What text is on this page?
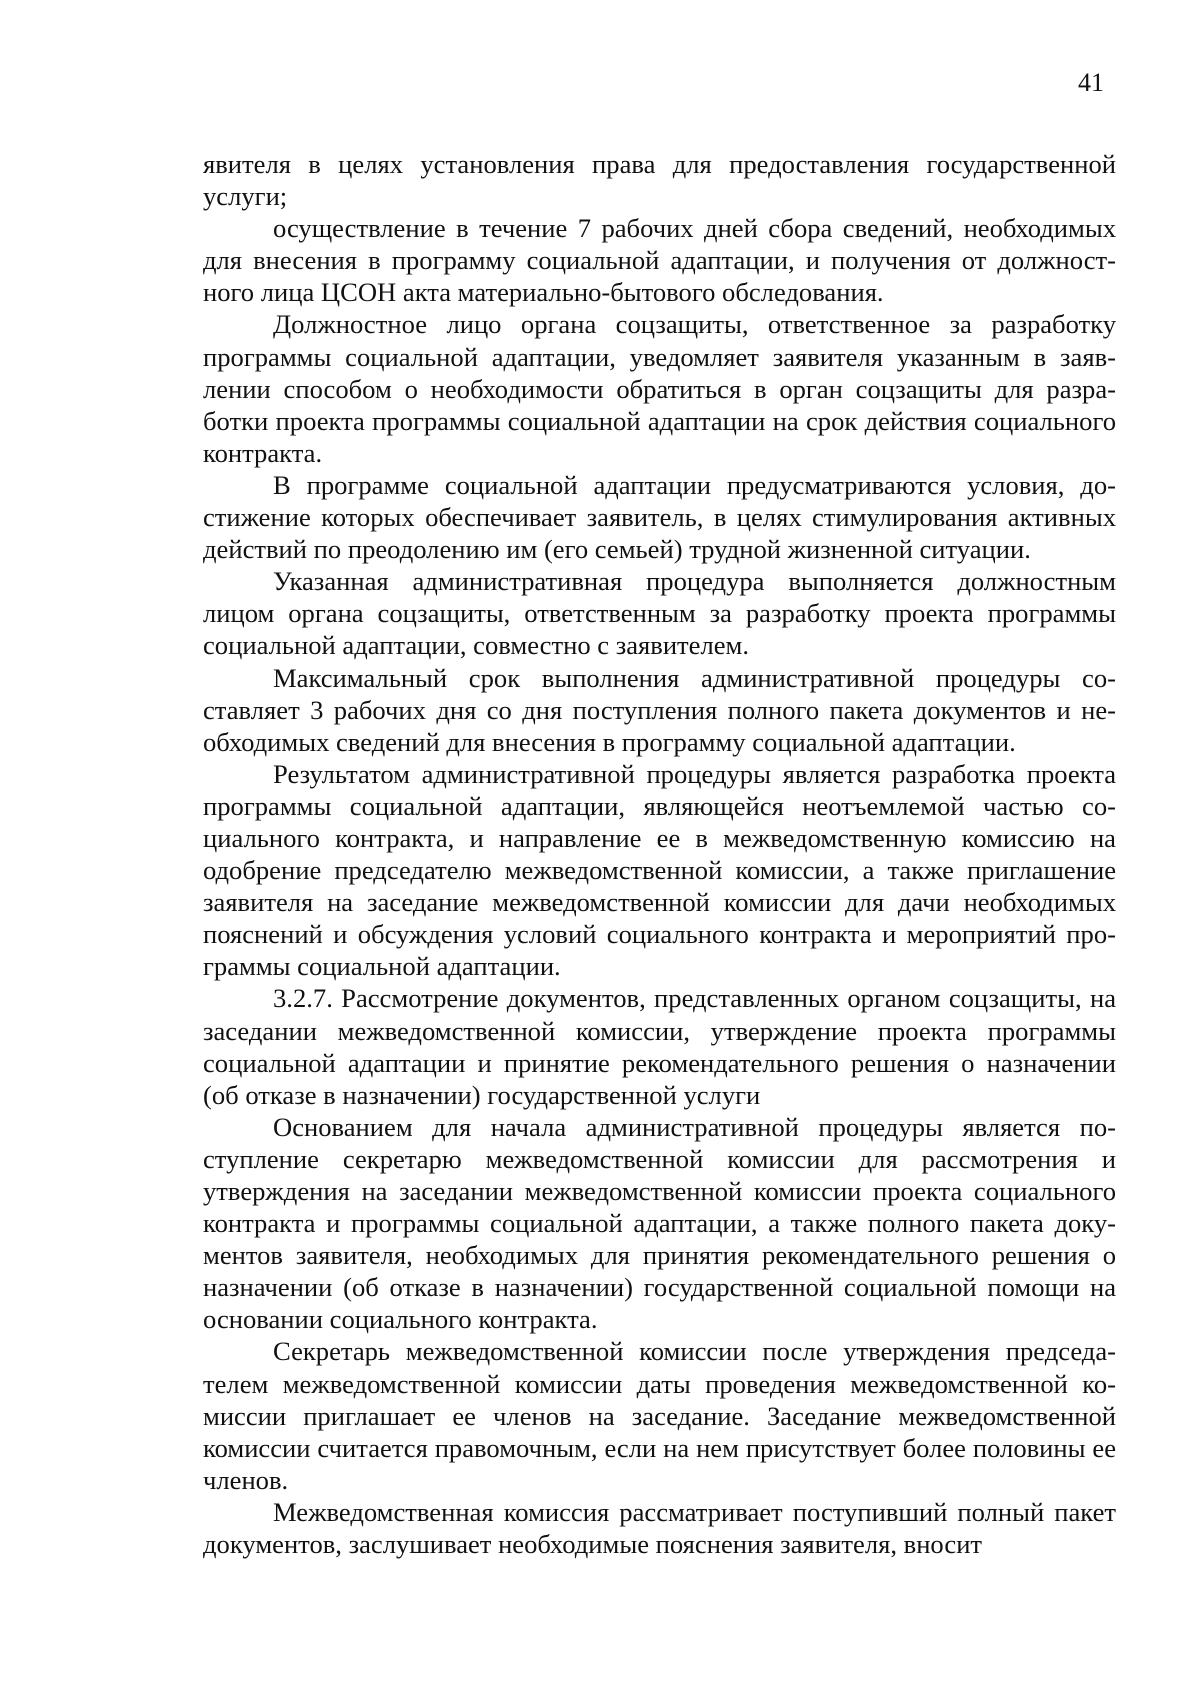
41

явителя в целях установления права для предоставления государственной услуги;

осуществление в течение 7 рабочих дней сбора сведений, необходимых для внесения в программу социальной адаптации, и получения от должностного лица ЦСОН акта материально-бытового обследования.

Должностное лицо органа соцзащиты, ответственное за разработку программы социальной адаптации, уведомляет заявителя указанным в заявлении способом о необходимости обратиться в орган соцзащиты для разработки проекта программы социальной адаптации на срок действия социального контракта.

В программе социальной адаптации предусматриваются условия, достижение которых обеспечивает заявитель, в целях стимулирования активных действий по преодолению им (его семьей) трудной жизненной ситуации.

Указанная административная процедура выполняется должностным лицом органа соцзащиты, ответственным за разработку проекта программы социальной адаптации, совместно с заявителем.

Максимальный срок выполнения административной процедуры составляет 3 рабочих дня со дня поступления полного пакета документов и необходимых сведений для внесения в программу социальной адаптации.

Результатом административной процедуры является разработка проекта программы социальной адаптации, являющейся неотъемлемой частью социального контракта, и направление ее в межведомственную комиссию на одобрение председателю межведомственной комиссии, а также приглашение заявителя на заседание межведомственной комиссии для дачи необходимых пояснений и обсуждения условий социального контракта и мероприятий программы социальной адаптации.

3.2.7. Рассмотрение документов, представленных органом соцзащиты, на заседании межведомственной комиссии, утверждение проекта программы социальной адаптации и принятие рекомендательного решения о назначении (об отказе в назначении) государственной услуги

Основанием для начала административной процедуры является поступление секретарю межведомственной комиссии для рассмотрения и утверждения на заседании межведомственной комиссии проекта социального контракта и программы социальной адаптации, а также полного пакета документов заявителя, необходимых для принятия рекомендательного решения о назначении (об отказе в назначении) государственной социальной помощи на основании социального контракта.

Секретарь межведомственной комиссии после утверждения председателем межведомственной комиссии даты проведения межведомственной комиссии приглашает ее членов на заседание. Заседание межведомственной комиссии считается правомочным, если на нем присутствует более половины ее членов.

Межведомственная комиссия рассматривает поступивший полный пакет документов, заслушивает необходимые пояснения заявителя, вносит
